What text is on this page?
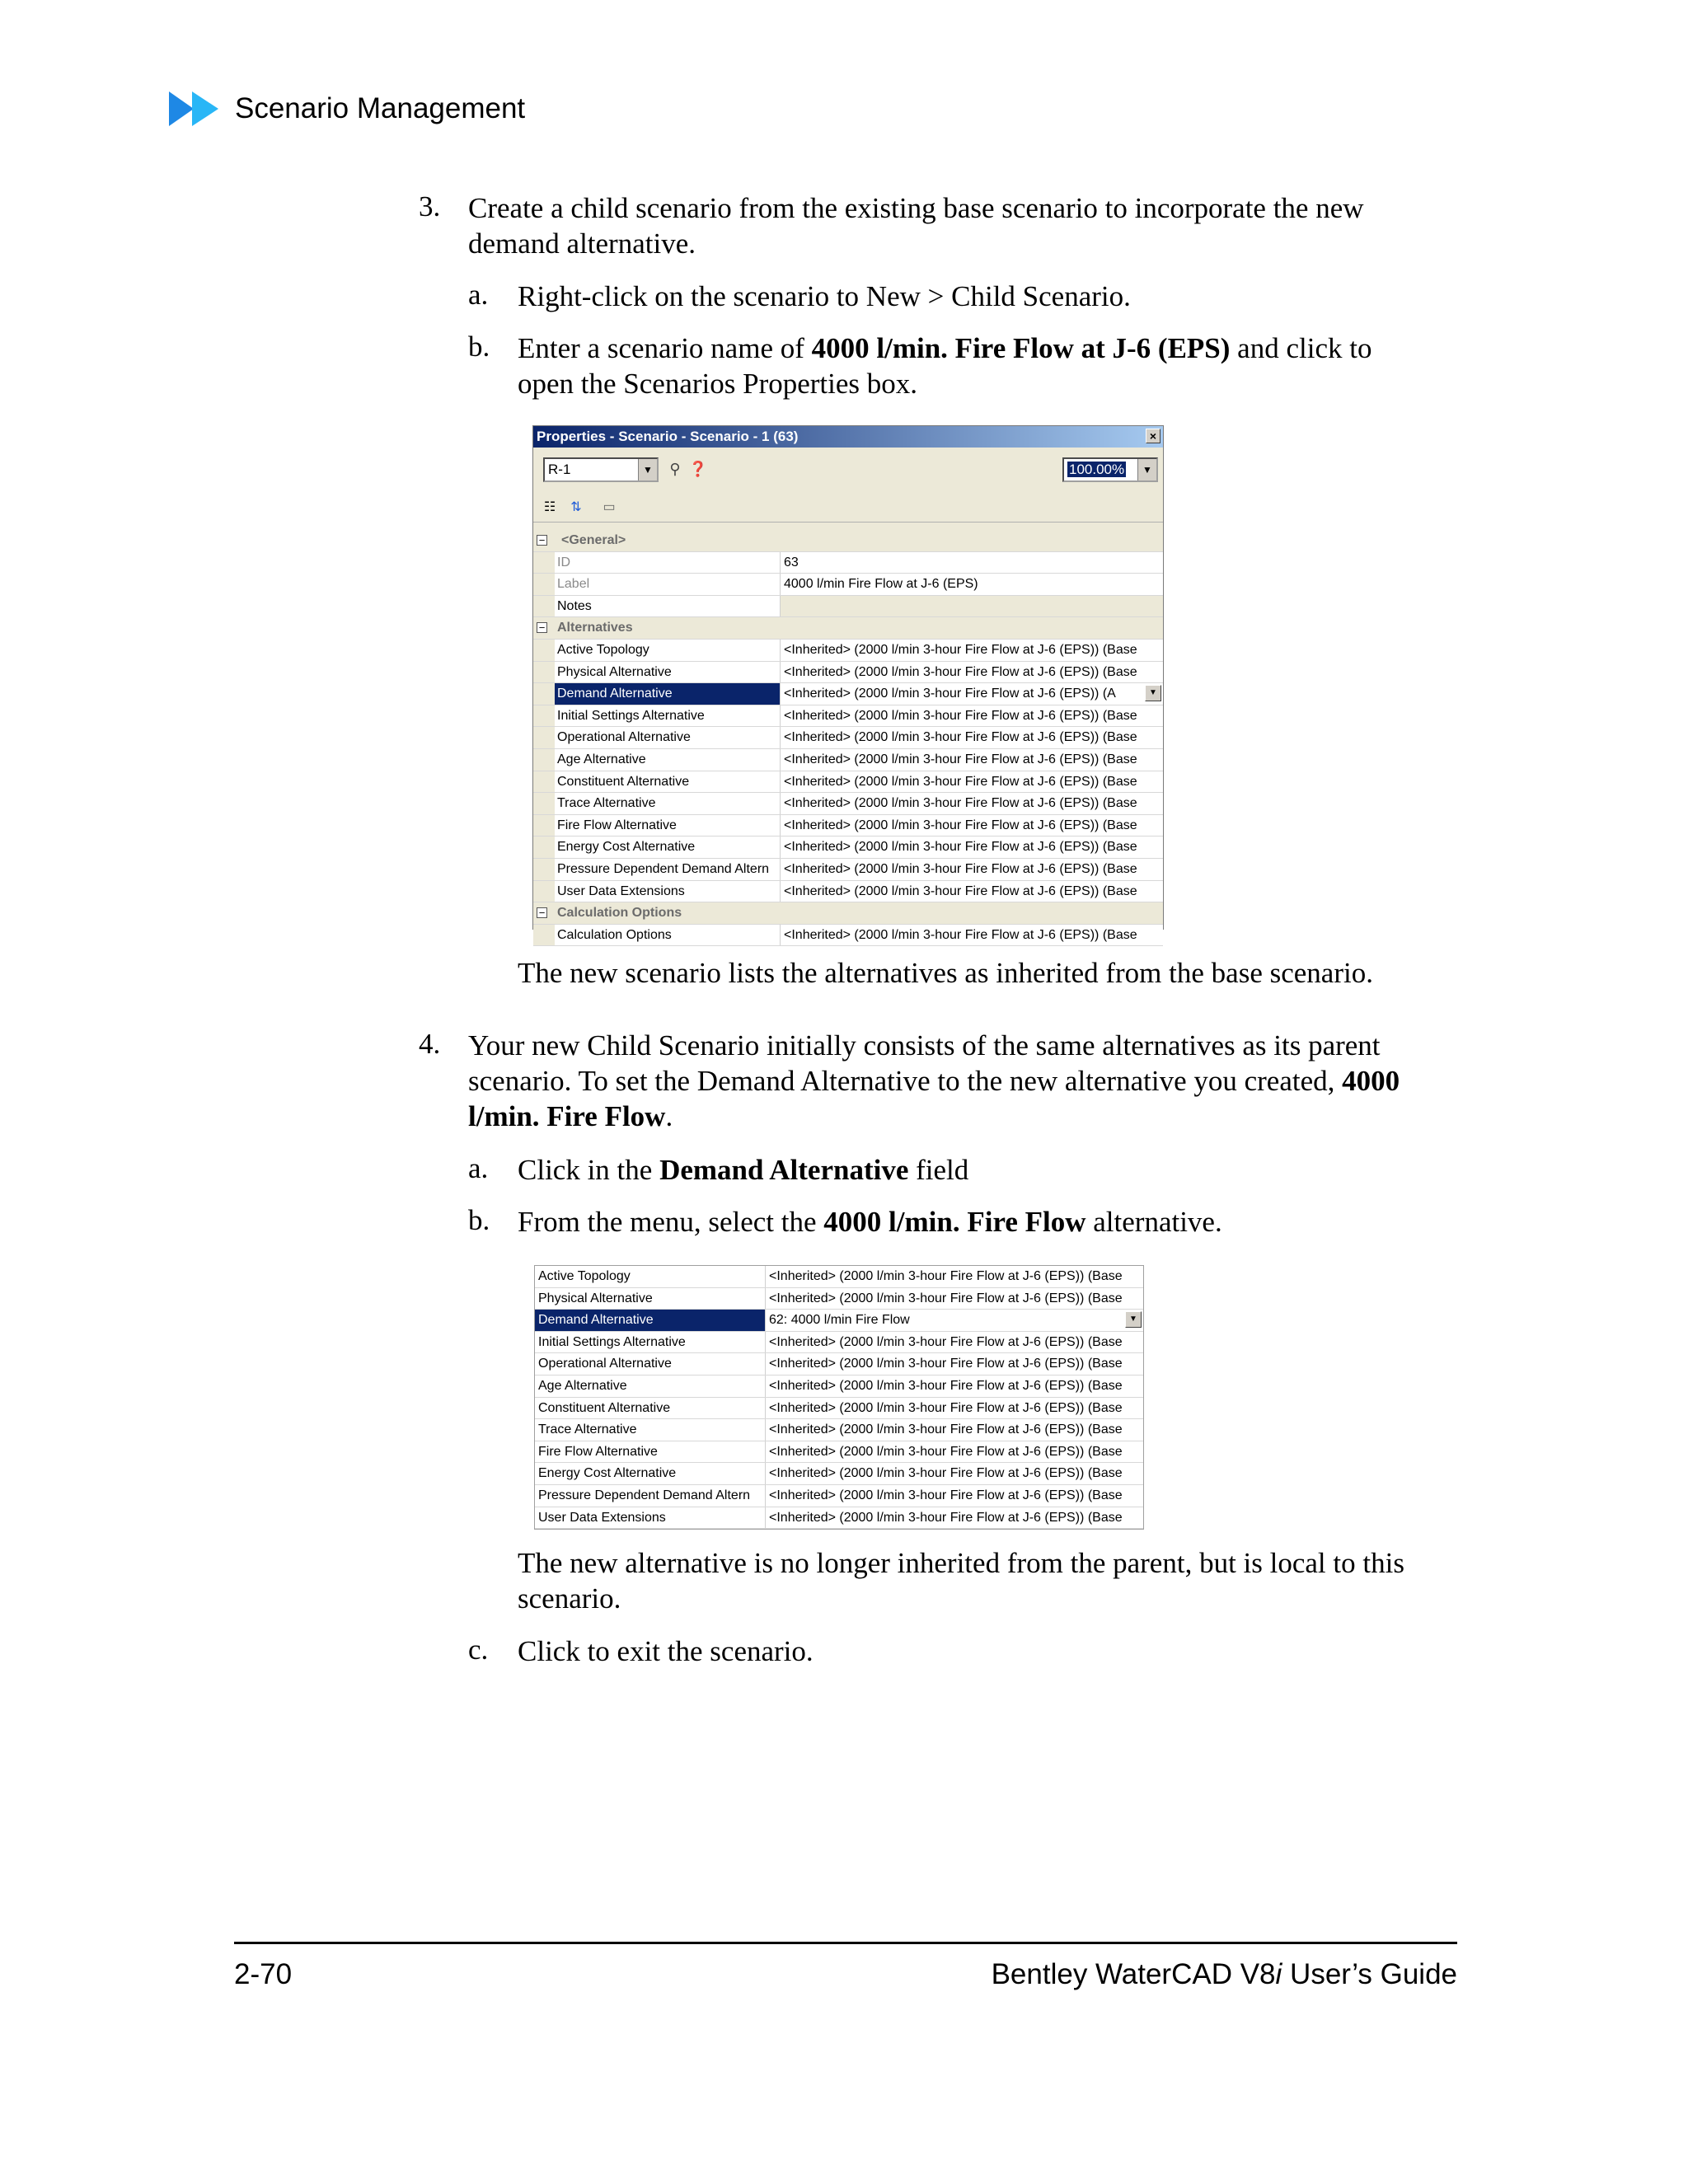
Scenario Management
3. Create a child scenario from the existing base scenario to incorporate the new
demand alternative.
a. Right-click on the scenario to New > Child Scenario.
b. Enter a scenario name of 4000 l/min. Fire Flow at J-6 (EPS) and click to
open the Scenarios Properties box.
Properties - Scenario - Scenario - 1 (63)	×
R-1	▼	⚲ ❓	100.00%	▼
☷	⇅	▭
−	<General>
ID	63
Label	4000 l/min Fire Flow at J-6 (EPS)
Notes
− Alternatives
Active Topology	<Inherited> (2000 l/min 3-hour Fire Flow at J-6 (EPS)) (Base
Physical Alternative	<Inherited> (2000 l/min 3-hour Fire Flow at J-6 (EPS)) (Base
Demand Alternative	<Inherited> (2000 l/min 3-hour Fire Flow at J-6 (EPS)) (A	▼
Initial Settings Alternative	<Inherited> (2000 l/min 3-hour Fire Flow at J-6 (EPS)) (Base
Operational Alternative	<Inherited> (2000 l/min 3-hour Fire Flow at J-6 (EPS)) (Base
Age Alternative	<Inherited> (2000 l/min 3-hour Fire Flow at J-6 (EPS)) (Base
Constituent Alternative	<Inherited> (2000 l/min 3-hour Fire Flow at J-6 (EPS)) (Base
Trace Alternative	<Inherited> (2000 l/min 3-hour Fire Flow at J-6 (EPS)) (Base
Fire Flow Alternative	<Inherited> (2000 l/min 3-hour Fire Flow at J-6 (EPS)) (Base
Energy Cost Alternative	<Inherited> (2000 l/min 3-hour Fire Flow at J-6 (EPS)) (Base
Pressure Dependent Demand Altern	<Inherited> (2000 l/min 3-hour Fire Flow at J-6 (EPS)) (Base
User Data Extensions	<Inherited> (2000 l/min 3-hour Fire Flow at J-6 (EPS)) (Base
− Calculation Options
Calculation Options	<Inherited> (2000 l/min 3-hour Fire Flow at J-6 (EPS)) (Base
The new scenario lists the alternatives as inherited from the base scenario.
4. Your new Child Scenario initially consists of the same alternatives as its parent
scenario. To set the Demand Alternative to the new alternative you created, 4000
l/min. Fire Flow.
a. Click in the Demand Alternative field
b. From the menu, select the 4000 l/min. Fire Flow alternative.
Active Topology	<Inherited> (2000 l/min 3-hour Fire Flow at J-6 (EPS)) (Base
Physical Alternative	<Inherited> (2000 l/min 3-hour Fire Flow at J-6 (EPS)) (Base
Demand Alternative	62: 4000 l/min Fire Flow	▼
Initial Settings Alternative	<Inherited> (2000 l/min 3-hour Fire Flow at J-6 (EPS)) (Base
Operational Alternative	<Inherited> (2000 l/min 3-hour Fire Flow at J-6 (EPS)) (Base
Age Alternative	<Inherited> (2000 l/min 3-hour Fire Flow at J-6 (EPS)) (Base
Constituent Alternative	<Inherited> (2000 l/min 3-hour Fire Flow at J-6 (EPS)) (Base
Trace Alternative	<Inherited> (2000 l/min 3-hour Fire Flow at J-6 (EPS)) (Base
Fire Flow Alternative	<Inherited> (2000 l/min 3-hour Fire Flow at J-6 (EPS)) (Base
Energy Cost Alternative	<Inherited> (2000 l/min 3-hour Fire Flow at J-6 (EPS)) (Base
Pressure Dependent Demand Altern	<Inherited> (2000 l/min 3-hour Fire Flow at J-6 (EPS)) (Base
User Data Extensions	<Inherited> (2000 l/min 3-hour Fire Flow at J-6 (EPS)) (Base
The new alternative is no longer inherited from the parent, but is local to this
scenario.
c. Click to exit the scenario.
2-70	Bentley WaterCAD V8i User’s Guide
